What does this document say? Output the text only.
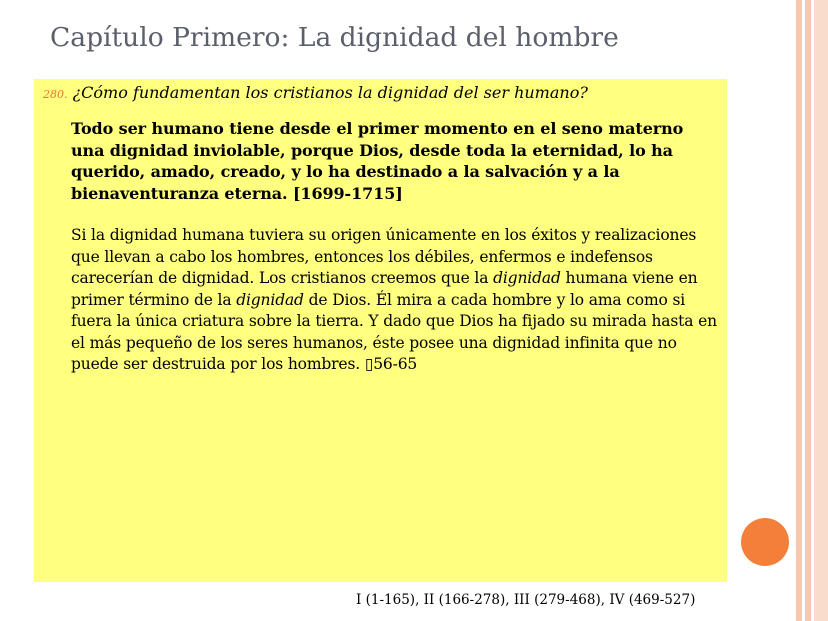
Capítulo Primero: La dignidad del hombre
280. ¿Cómo fundamentan los cristianos la dignidad del ser humano?

Todo ser humano tiene desde el primer momento en el seno materno una dignidad inviolable, porque Dios, desde toda la eternidad, lo ha querido, amado, creado, y lo ha destinado a la salvación y a la bienaventuranza eterna. [1699-1715]

Si la dignidad humana tuviera su origen únicamente en los éxitos y realizaciones que llevan a cabo los hombres, entonces los débiles, enfermos e indefensos carecerían de dignidad. Los cristianos creemos que la dignidad humana viene en primer término de la dignidad de Dios. Él mira a cada hombre y lo ama como si fuera la única criatura sobre la tierra. Y dado que Dios ha fijado su mirada hasta en el más pequeño de los seres humanos, éste posee una dignidad infinita que no puede ser destruida por los hombres. ▯56-65

I (1-165), II (166-278), III (279-468), IV (469-527)
